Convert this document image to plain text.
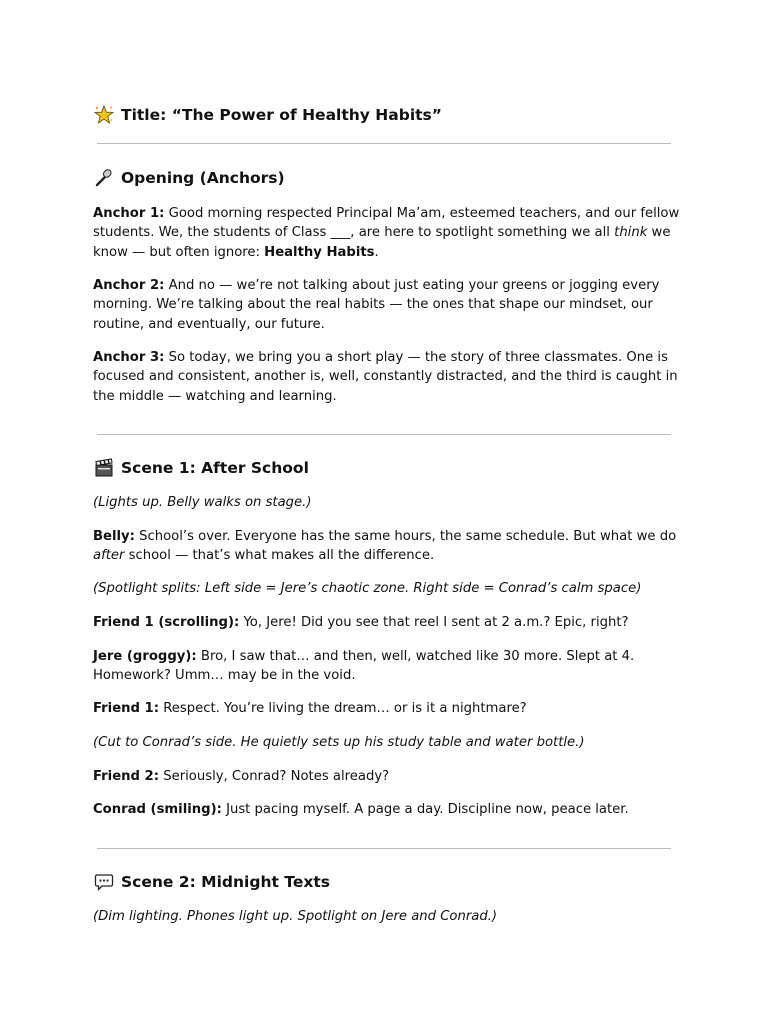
Title: “The Power of Healthy Habits”
Opening (Anchors)

Anchor 1: Good morning respected Principal Ma’am, esteemed teachers, and our fellow students. We, the students of Class ___, are here to spotlight something we all think we know — but often ignore: Healthy Habits.

Anchor 2: And no — we’re not talking about just eating your greens or jogging every morning. We’re talking about the real habits — the ones that shape our mindset, our routine, and eventually, our future.

Anchor 3: So today, we bring you a short play — the story of three classmates. One is focused and consistent, another is, well, constantly distracted, and the third is caught in the middle — watching and learning.

Scene 1: After School

(Lights up. Belly walks on stage.)

Belly: School’s over. Everyone has the same hours, the same schedule. But what we do after school — that’s what makes all the difference.

(Spotlight splits: Left side = Jere’s chaotic zone. Right side = Conrad’s calm space)

Friend 1 (scrolling): Yo, Jere! Did you see that reel I sent at 2 a.m.? Epic, right?

Jere (groggy): Bro, I saw that… and then, well, watched like 30 more. Slept at 4. Homework? Umm… may be in the void.

Friend 1: Respect. You’re living the dream… or is it a nightmare?

(Cut to Conrad’s side. He quietly sets up his study table and water bottle.)

Friend 2: Seriously, Conrad? Notes already?

Conrad (smiling): Just pacing myself. A page a day. Discipline now, peace later.

Scene 2: Midnight Texts

(Dim lighting. Phones light up. Spotlight on Jere and Conrad.)
